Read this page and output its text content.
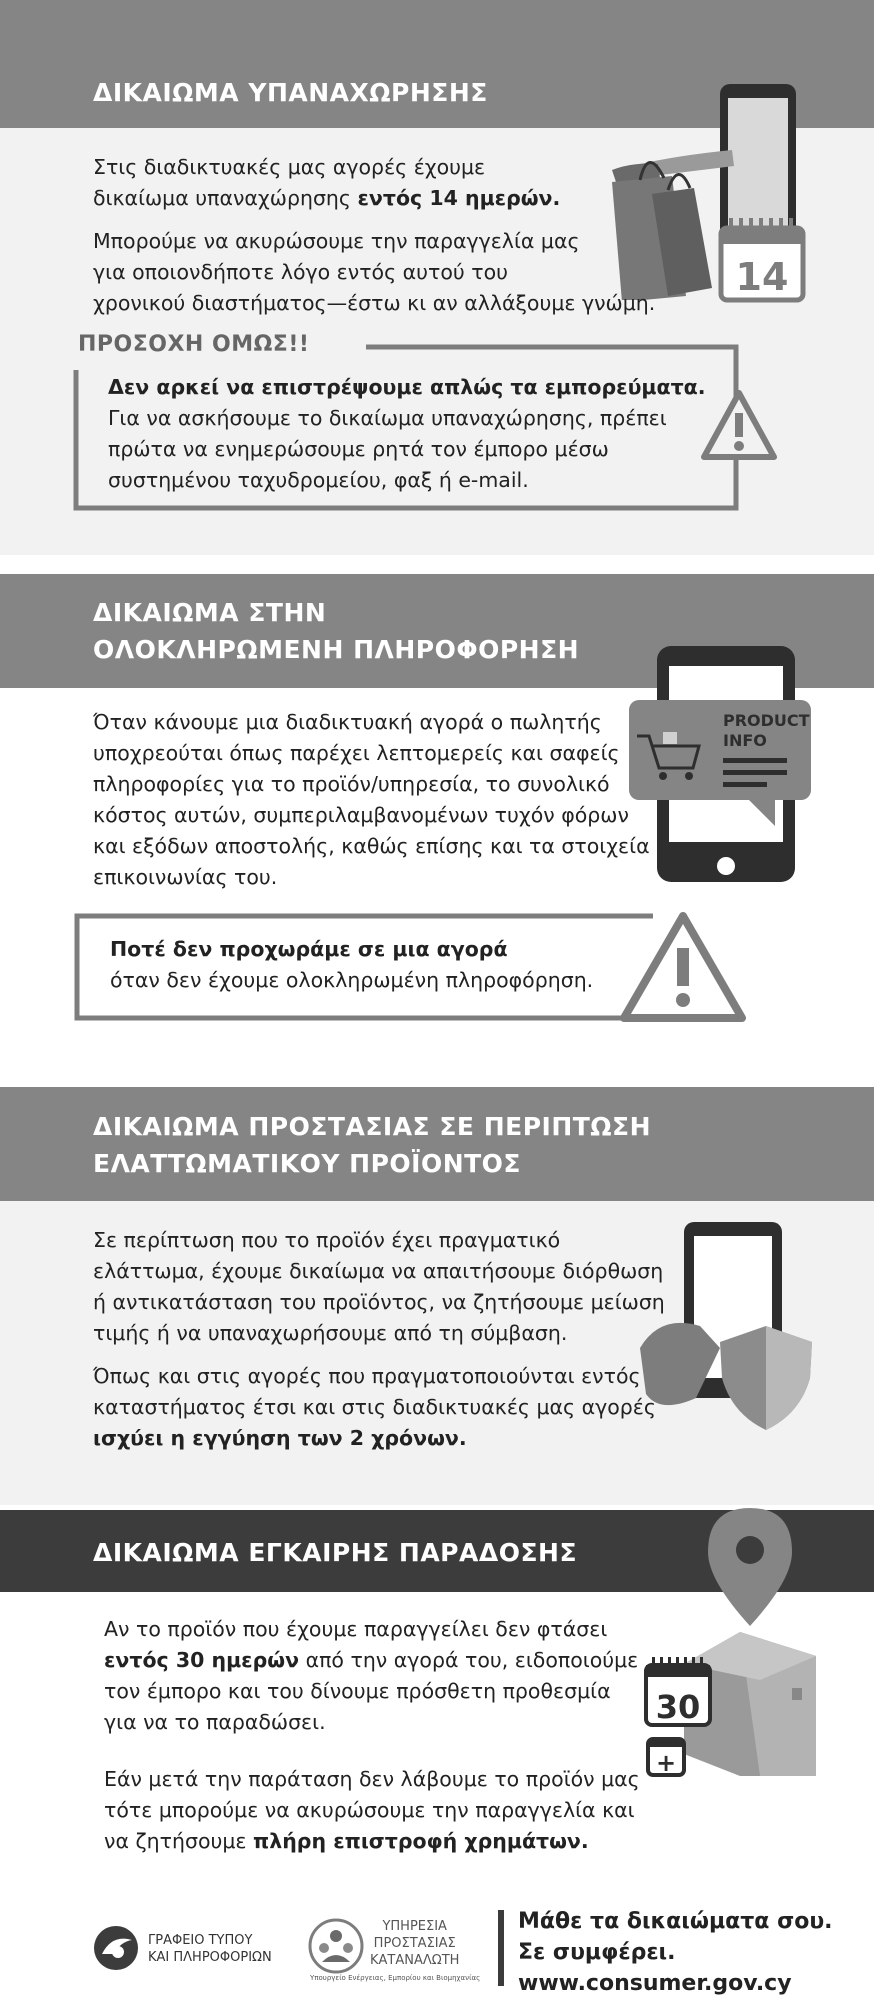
ΔΙΚΑΙΩΜΑ ΥΠΑΝΑΧΩΡΗΣΗΣ
14

Στις διαδικτυακές μας αγορές έχουμε

δικαίωμα υπαναχώρησης εντός 14 ημερών.

Μπορούμε να ακυρώσουμε την παραγγελία μας

για οποιονδήποτε λόγο εντός αυτού του

χρονικού διαστήματος—έστω κι αν αλλάξουμε γνώμη.

ΠΡΟΣΟΧΗ ΟΜΩΣ!!

Δεν αρκεί να επιστρέψουμε απλώς τα εμπορεύματα.

Για να ασκήσουμε το δικαίωμα υπαναχώρησης, πρέπει

πρώτα να ενημερώσουμε ρητά τον έμπορο μέσω

συστημένου ταχυδρομείου, φαξ ή e-mail.

ΔΙΚΑΙΩΜΑ ΣΤΗΝ
ΟΛΟΚΛΗΡΩΜΕΝΗ ΠΛΗΡΟΦΟΡΗΣΗ
PRODUCT
INFO

Όταν κάνουμε μια διαδικτυακή αγορά ο πωλητής

υποχρεούται όπως παρέχει λεπτομερείς και σαφείς

πληροφορίες για το προϊόν/υπηρεσία, το συνολικό

κόστος αυτών, συμπεριλαμβανομένων τυχόν φόρων

και εξόδων αποστολής, καθώς επίσης και τα στοιχεία

επικοινωνίας του.

Ποτέ δεν προχωράμε σε μια αγορά

όταν δεν έχουμε ολοκληρωμένη πληροφόρηση.

ΔΙΚΑΙΩΜΑ ΠΡΟΣΤΑΣΙΑΣ ΣΕ ΠΕΡΙΠΤΩΣΗ
ΕΛΑΤΤΩΜΑΤΙΚΟΥ ΠΡΟΪΟΝΤΟΣ

Σε περίπτωση που το προϊόν έχει πραγματικό

ελάττωμα, έχουμε δικαίωμα να απαιτήσουμε διόρθωση

ή αντικατάσταση του προϊόντος, να ζητήσουμε μείωση

τιμής ή να υπαναχωρήσουμε από τη σύμβαση.

Όπως και στις αγορές που πραγματοποιούνται εντός

καταστήματος έτσι και στις διαδικτυακές μας αγορές

ισχύει η εγγύηση των 2 χρόνων.

ΔΙΚΑΙΩΜΑ ΕΓΚΑΙΡΗΣ ΠΑΡΑΔΟΣΗΣ
30
+

Αν το προϊόν που έχουμε παραγγείλει δεν φτάσει

εντός 30 ημερών από την αγορά του, ειδοποιούμε

τον έμπορο και του δίνουμε πρόσθετη προθεσμία

για να το παραδώσει.

Εάν μετά την παράταση δεν λάβουμε το προϊόν μας

τότε μπορούμε να ακυρώσουμε την παραγγελία και

να ζητήσουμε πλήρη επιστροφή χρημάτων.

ΓΡΑΦΕΙΟ ΤΥΠΟΥ
ΚΑΙ ΠΛΗΡΟΦΟΡΙΩΝ
ΥΠΗΡΕΣΙΑ
ΠΡΟΣΤΑΣΙΑΣ
ΚΑΤΑΝΑΛΩΤΗ
Υπουργείο Ενέργειας, Εμπορίου και Βιομηχανίας
Μάθε τα δικαιώματα σου.
Σε συμφέρει.
www.consumer.gov.cy
